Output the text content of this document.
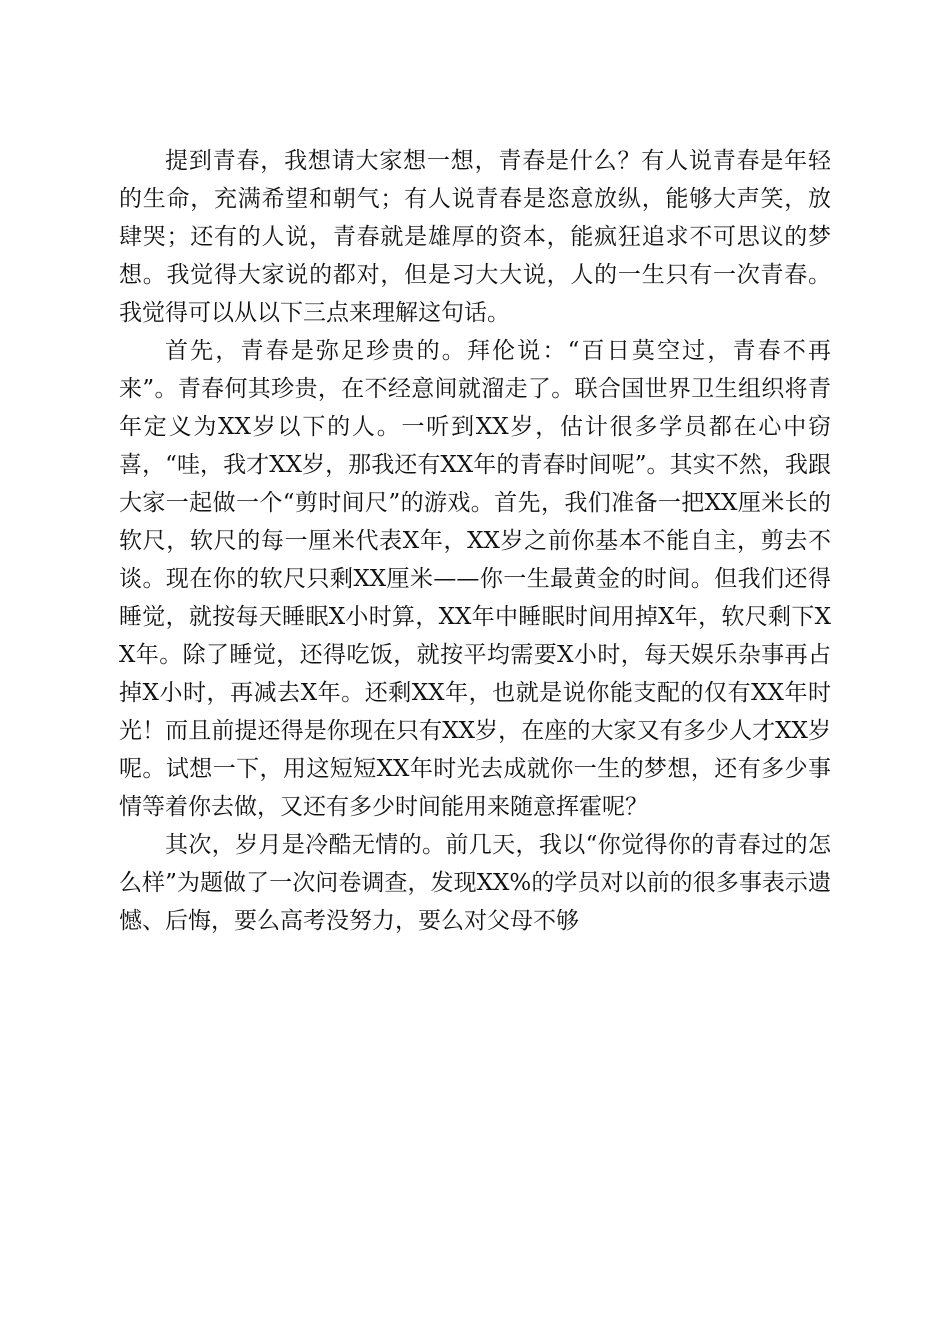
提到青春，我想请大家想一想，青春是什么？有人说青春是年轻的生命，充满希望和朝气；有人说青春是恣意放纵，能够大声笑，放肆哭；还有的人说，青春就是雄厚的资本，能疯狂追求不可思议的梦想。我觉得大家说的都对，但是习大大说，人的一生只有一次青春。我觉得可以从以下三点来理解这句话。

首先，青春是弥足珍贵的。拜伦说：“百日莫空过，青春不再来”。青春何其珍贵，在不经意间就溜走了。联合国世界卫生组织将青年定义为XX岁以下的人。一听到XX岁，估计很多学员都在心中窃喜，“哇，我才XX岁，那我还有XX年的青春时间呢”。其实不然，我跟大家一起做一个“剪时间尺”的游戏。首先，我们准备一把XX厘米长的软尺，软尺的每一厘米代表X年，XX岁之前你基本不能自主，剪去不谈。现在你的软尺只剩XX厘米——你一生最黄金的时间。但我们还得睡觉，就按每天睡眠X小时算，XX年中睡眠时间用掉X年，软尺剩下XX年。除了睡觉，还得吃饭，就按平均需要X小时，每天娱乐杂事再占掉X小时，再减去X年。还剩XX年，也就是说你能支配的仅有XX年时光！而且前提还得是你现在只有XX岁，在座的大家又有多少人才XX岁呢。试想一下，用这短短XX年时光去成就你一生的梦想，还有多少事情等着你去做，又还有多少时间能用来随意挥霍呢？

其次，岁月是冷酷无情的。前几天，我以“你觉得你的青春过的怎么样”为题做了一次问卷调查，发现XX%的学员对以前的很多事表示遗憾、后悔，要么高考没努力，要么对父母不够
